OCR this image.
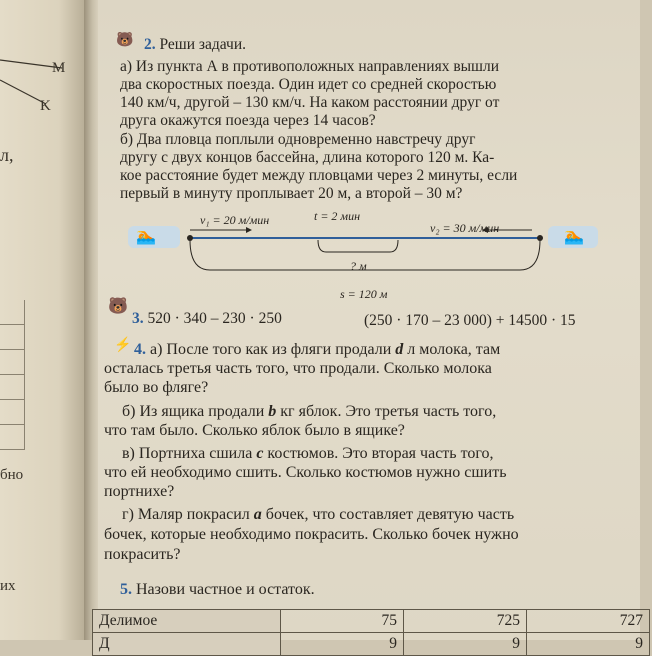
M
K
л,
бно
их
🐻 2. Реши задачи.
а) Из пункта А в противоположных направлениях вышли
два скоростных поезда. Один идет со средней скоростью
140 км/ч, другой – 130 км/ч. На каком расстоянии друг от
друга окажутся поезда через 14 часов?
б) Два пловца поплыли одновременно навстречу друг
другу с двух концов бассейна, длина которого 120 м. Ка-
кое расстояние будет между пловцами через 2 минуты, если
первый в минуту проплывает 20 м, а второй – 30 м?
🏊	🏊
v₁ = 20 м/мин	t = 2 мин
v₂ = 30 м/мин
? м
s = 120 м
🐻
3. 520 · 340 – 230 · 250	(250 · 170 – 23 000) + 14500 · 15
⚡ 4. а) После того как из фляги продали d л молока, там
осталась третья часть того, что продали. Сколько молока
было во фляге?
б) Из ящика продали b кг яблок. Это третья часть того,
что там было. Сколько яблок было в ящике?
в) Портниха сшила c костюмов. Это вторая часть того,
что ей необходимо сшить. Сколько костюмов нужно сшить
портнихе?
г) Маляр покрасил a бочек, что составляет девятую часть
бочек, которые необходимо покрасить. Сколько бочек нужно
покрасить?
5. Назови частное и остаток.
Делимое	75	725	727
Д	9	9	9
